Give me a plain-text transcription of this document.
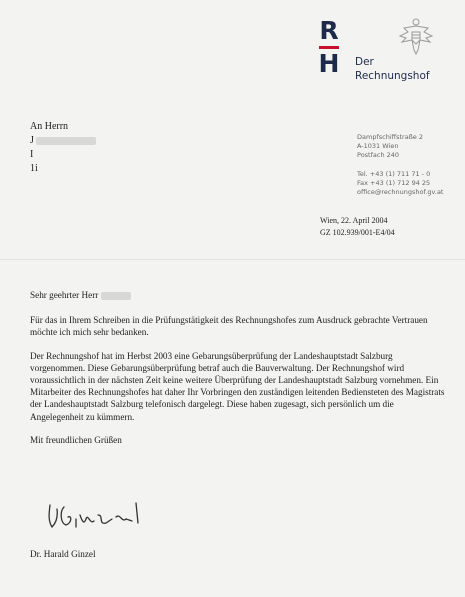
R
H Der
Rechnungshof
Dampfschiffstraße 2
A-1031 Wien
Postfach 240
Tel. +43 (1) 711 71 - 0
Fax +43 (1) 712 94 25
office@rechnungshof.gv.at
An Herrn
J
I
1i
Wien, 22. April 2004
GZ 102.939/001-E4/04

Sehr geehrter Herr

Für das in Ihrem Schreiben in die Prüfungstätigkeit des Rechnungshofes zum Ausdruck gebrachte Vertrauen möchte ich mich sehr bedanken.

Der Rechnungshof hat im Herbst 2003 eine Gebarungsüberprüfung der Landeshauptstadt Salzburg vorgenommen. Diese Gebarungsüberprüfung betraf auch die Bauverwaltung. Der Rechnungshof wird voraussichtlich in der nächsten Zeit keine weitere Überprüfung der Landeshauptstadt Salzburg vornehmen. Ein Mitarbeiter des Rechnungshofes hat daher Ihr Vorbringen den zuständigen leitenden Bediensteten des Magistrats der Landeshauptstadt Salzburg telefonisch dargelegt. Diese haben zugesagt, sich persönlich um die Angelegenheit zu kümmern.

Mit freundlichen Grüßen

Dr. Harald Ginzel
